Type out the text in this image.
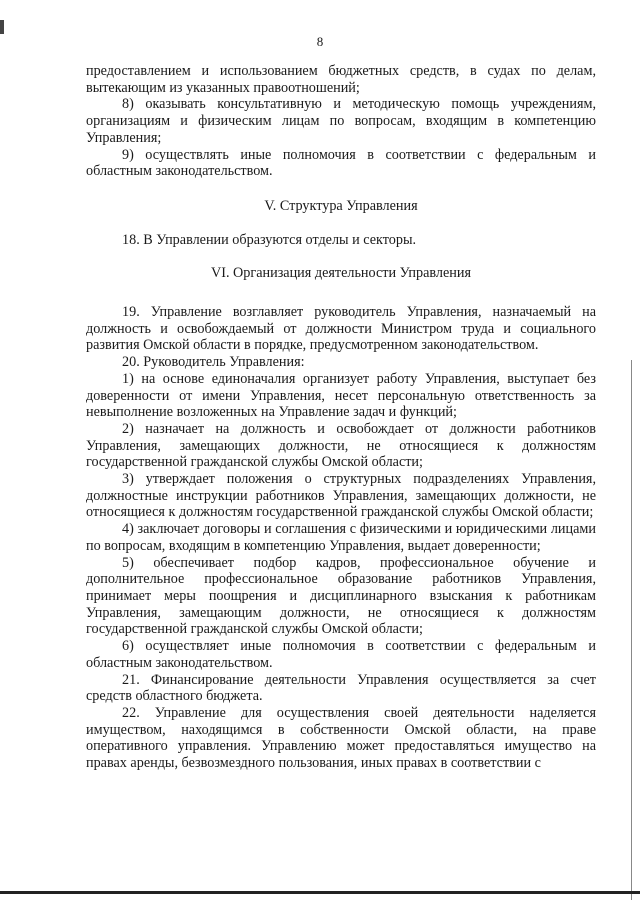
8

предоставлением и использованием бюджетных средств, в судах по делам, вытекающим из указанных правоотношений;

8) оказывать консультативную и методическую помощь учреждениям, организациям и физическим лицам по вопросам, входящим в компетенцию Управления;

9) осуществлять иные полномочия в соответствии с федеральным и областным законодательством.

V. Структура Управления

18. В Управлении образуются отделы и секторы.

VI. Организация деятельности Управления

19. Управление возглавляет руководитель Управления, назначаемый на должность и освобождаемый от должности Министром труда и социального развития Омской области в порядке, предусмотренном законодательством.

20. Руководитель Управления:

1) на основе единоначалия организует работу Управления, выступает без доверенности от имени Управления, несет персональную ответственность за невыполнение возложенных на Управление задач и функций;

2) назначает на должность и освобождает от должности работников Управления, замещающих должности, не относящиеся к должностям государственной гражданской службы Омской области;

3) утверждает положения о структурных подразделениях Управления, должностные инструкции работников Управления, замещающих должности, не относящиеся к должностям государственной гражданской службы Омской области;

4) заключает договоры и соглашения с физическими и юридическими лицами по вопросам, входящим в компетенцию Управления, выдает доверенности;

5) обеспечивает подбор кадров, профессиональное обучение и дополнительное профессиональное образование работников Управления, принимает меры поощрения и дисциплинарного взыскания к работникам Управления, замещающим должности, не относящиеся к должностям государственной гражданской службы Омской области;

6) осуществляет иные полномочия в соответствии с федеральным и областным законодательством.

21. Финансирование деятельности Управления осуществляется за счет средств областного бюджета.

22. Управление для осуществления своей деятельности наделяется имуществом, находящимся в собственности Омской области, на праве оперативного управления. Управлению может предоставляться имущество на правах аренды, безвозмездного пользования, иных правах в соответствии с
